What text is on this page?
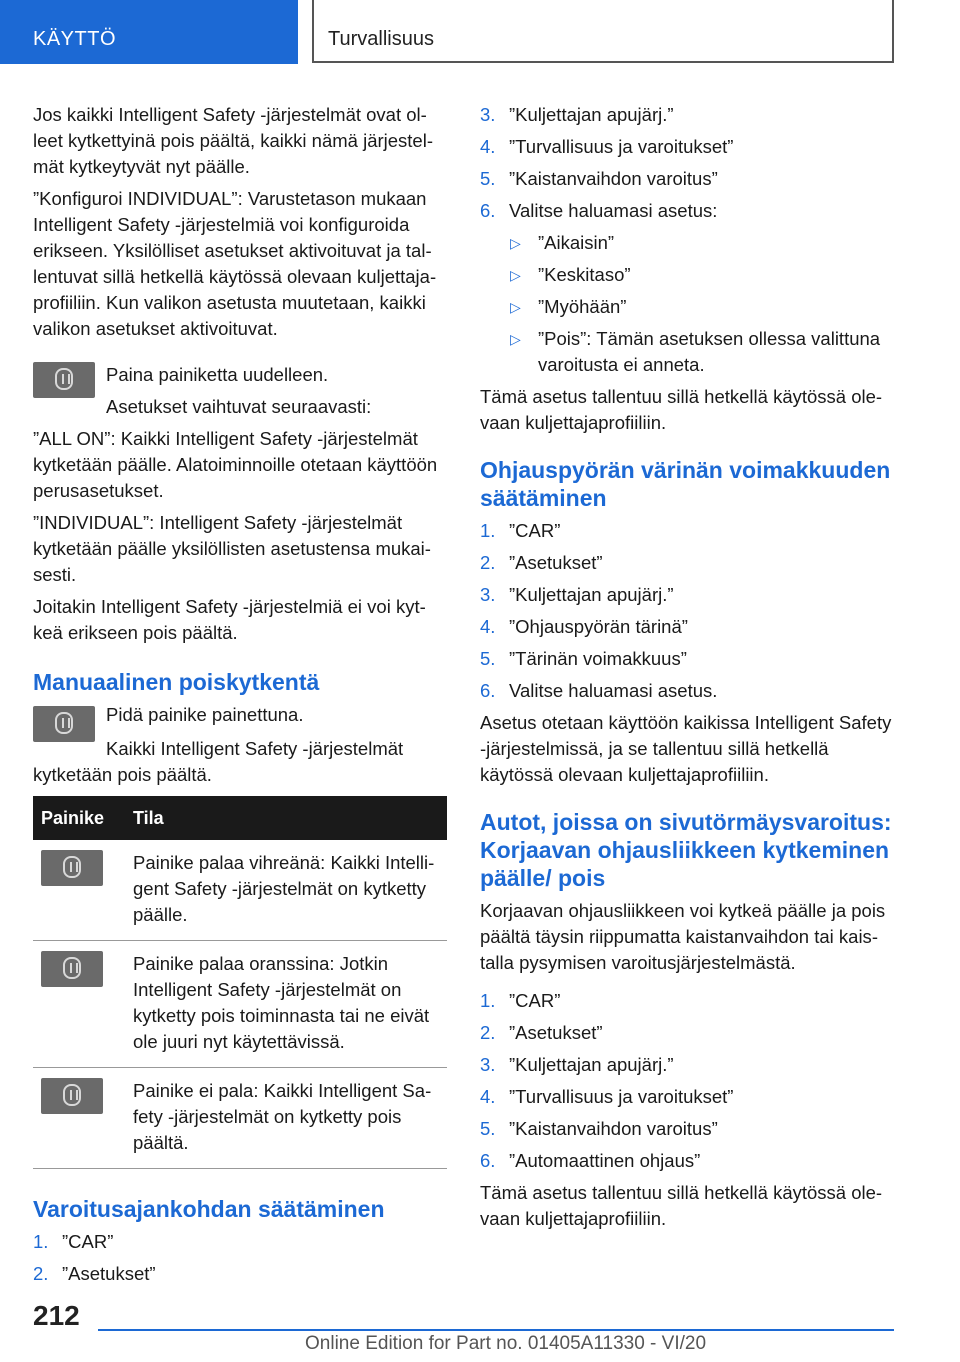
KÄYTTÖ	Turvallisuus

Jos kaikki Intelligent Safety -järjestelmät ovat olleet kytkettyinä pois päältä, kaikki nämä järjestelmät kytkeytyvät nyt päälle.

”Konfiguroi INDIVIDUAL”: Varustetason mukaan Intelligent Safety -järjestelmiä voi konfiguroida erikseen. Yksilölliset asetukset aktivoituvat ja tallentuvat sillä hetkellä käytössä olevaan kuljettajaprofiiliin. Kun valikon asetusta muutetaan, kaikki valikon asetukset aktivoituvat.

Paina painiketta uudelleen.

Asetukset vaihtuvat seuraavasti:

”ALL ON”: Kaikki Intelligent Safety -järjestelmät kytketään päälle. Alatoiminnoille otetaan käyttöön perusasetukset.

”INDIVIDUAL”: Intelligent Safety -järjestelmät kytketään päälle yksilöllisten asetustensa mukaisesti.

Joitakin Intelligent Safety -järjestelmiä ei voi kytkeä erikseen pois päältä.

Manuaalinen poiskytkentä

Pidä painike painettuna.

Kaikki Intelligent Safety -järjestelmät kytketään pois päältä.

Painike	Tila

	Painike palaa vihreänä: Kaikki Intelligent Safety -järjestelmät on kytketty päälle.

	Painike palaa oranssina: Jotkin Intelligent Safety -järjestelmät on kytketty pois toiminnasta tai ne eivät ole juuri nyt käytettävissä.

	Painike ei pala: Kaikki Intelligent Safety -järjestelmät on kytketty pois päältä.
Varoitusajankohdan säätäminen
1. ”CAR”
2. ”Asetukset”
3. ”Kuljettajan apujärj.”
4. ”Turvallisuus ja varoitukset”
5. ”Kaistanvaihdon varoitus”
6. Valitse haluamasi asetus:
▷ ”Aikaisin”
▷ ”Keskitaso”
▷ ”Myöhään”
▷ ”Pois”: Tämän asetuksen ollessa valittuna varoitusta ei anneta.

Tämä asetus tallentuu sillä hetkellä käytössä olevaan kuljettajaprofiiliin.

Ohjauspyörän värinän voimakkuuden säätäminen
1. ”CAR”
2. ”Asetukset”
3. ”Kuljettajan apujärj.”
4. ”Ohjauspyörän tärinä”
5. ”Tärinän voimakkuus”
6. Valitse haluamasi asetus.

Asetus otetaan käyttöön kaikissa Intelligent Safety -järjestelmissä, ja se tallentuu sillä hetkellä käytössä olevaan kuljettajaprofiiliin.

Autot, joissa on sivutörmäysvaroitus: Korjaavan ohjausliikkeen kytkeminen päälle/ pois

Korjaavan ohjausliikkeen voi kytkeä päälle ja pois päältä täysin riippumatta kaistanvaihdon tai kaistalla pysymisen varoitusjärjestelmästä.

1. ”CAR”
2. ”Asetukset”
3. ”Kuljettajan apujärj.”
4. ”Turvallisuus ja varoitukset”
5. ”Kaistanvaihdon varoitus”
6. ”Automaattinen ohjaus”

Tämä asetus tallentuu sillä hetkellä käytössä olevaan kuljettajaprofiiliin.

212
Online Edition for Part no. 01405A11330 - VI/20
